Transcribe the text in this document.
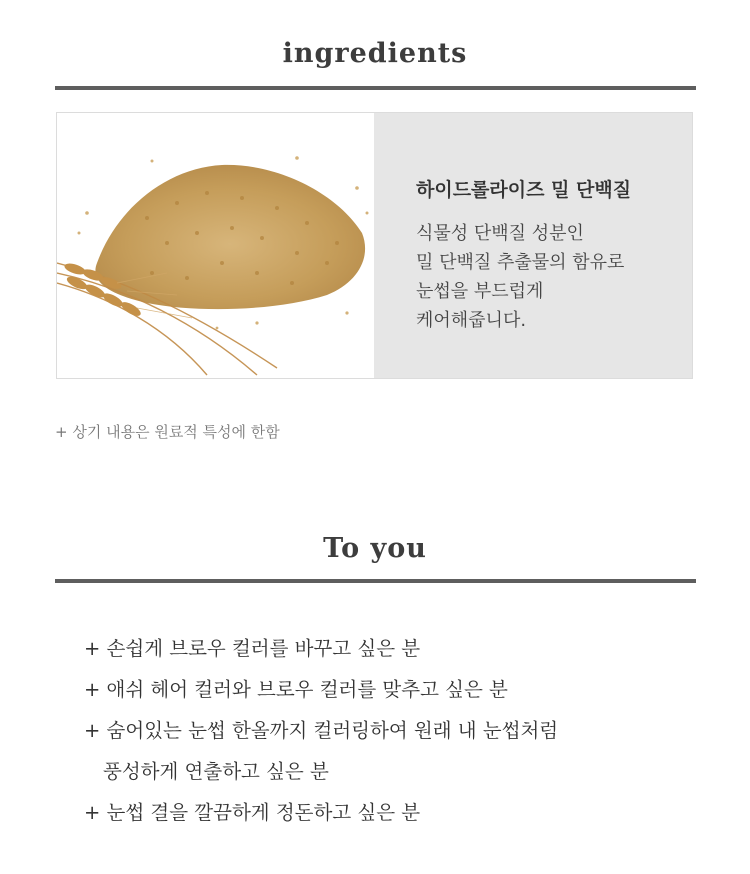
ingredients
하이드롤라이즈 밀 단백질
식물성 단백질 성분인
밀 단백질 추출물의 함유로
눈썹을 부드럽게
케어해줍니다.
+ 상기 내용은 원료적 특성에 한함
To you
+ 손쉽게 브로우 컬러를 바꾸고 싶은 분
+ 애쉬 헤어 컬러와 브로우 컬러를 맞추고 싶은 분
+ 숨어있는 눈썹 한올까지 컬러링하여 원래 내 눈썹처럼
풍성하게 연출하고 싶은 분
+ 눈썹 결을 깔끔하게 정돈하고 싶은 분
